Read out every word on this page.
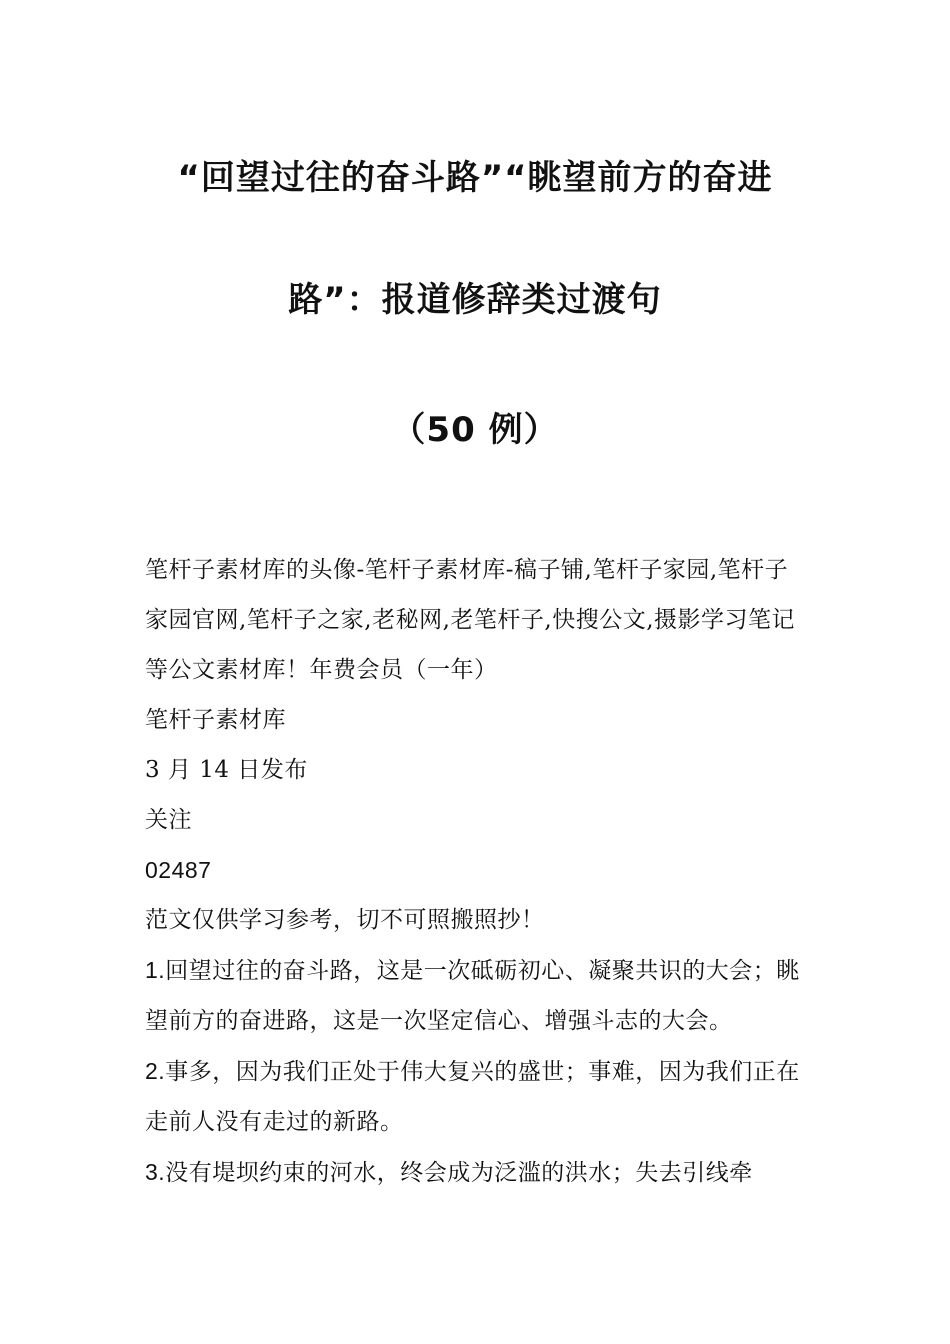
“回望过往的奋斗路”“眺望前方的奋进
路”：报道修辞类过渡句
（50 例）

笔杆子素材库的头像-笔杆子素材库-稿子铺,笔杆子家园,笔杆子家园官网,笔杆子之家,老秘网,老笔杆子,快搜公文,摄影学习笔记等公文素材库！年费会员（一年）

笔杆子素材库

3 月 14 日发布

关注

02487

范文仅供学习参考，切不可照搬照抄！

1.回望过往的奋斗路，这是一次砥砺初心、凝聚共识的大会；眺望前方的奋进路，这是一次坚定信心、增强斗志的大会。

2.事多，因为我们正处于伟大复兴的盛世；事难，因为我们正在走前人没有走过的新路。

3.没有堤坝约束的河水，终会成为泛滥的洪水；失去引线牵
